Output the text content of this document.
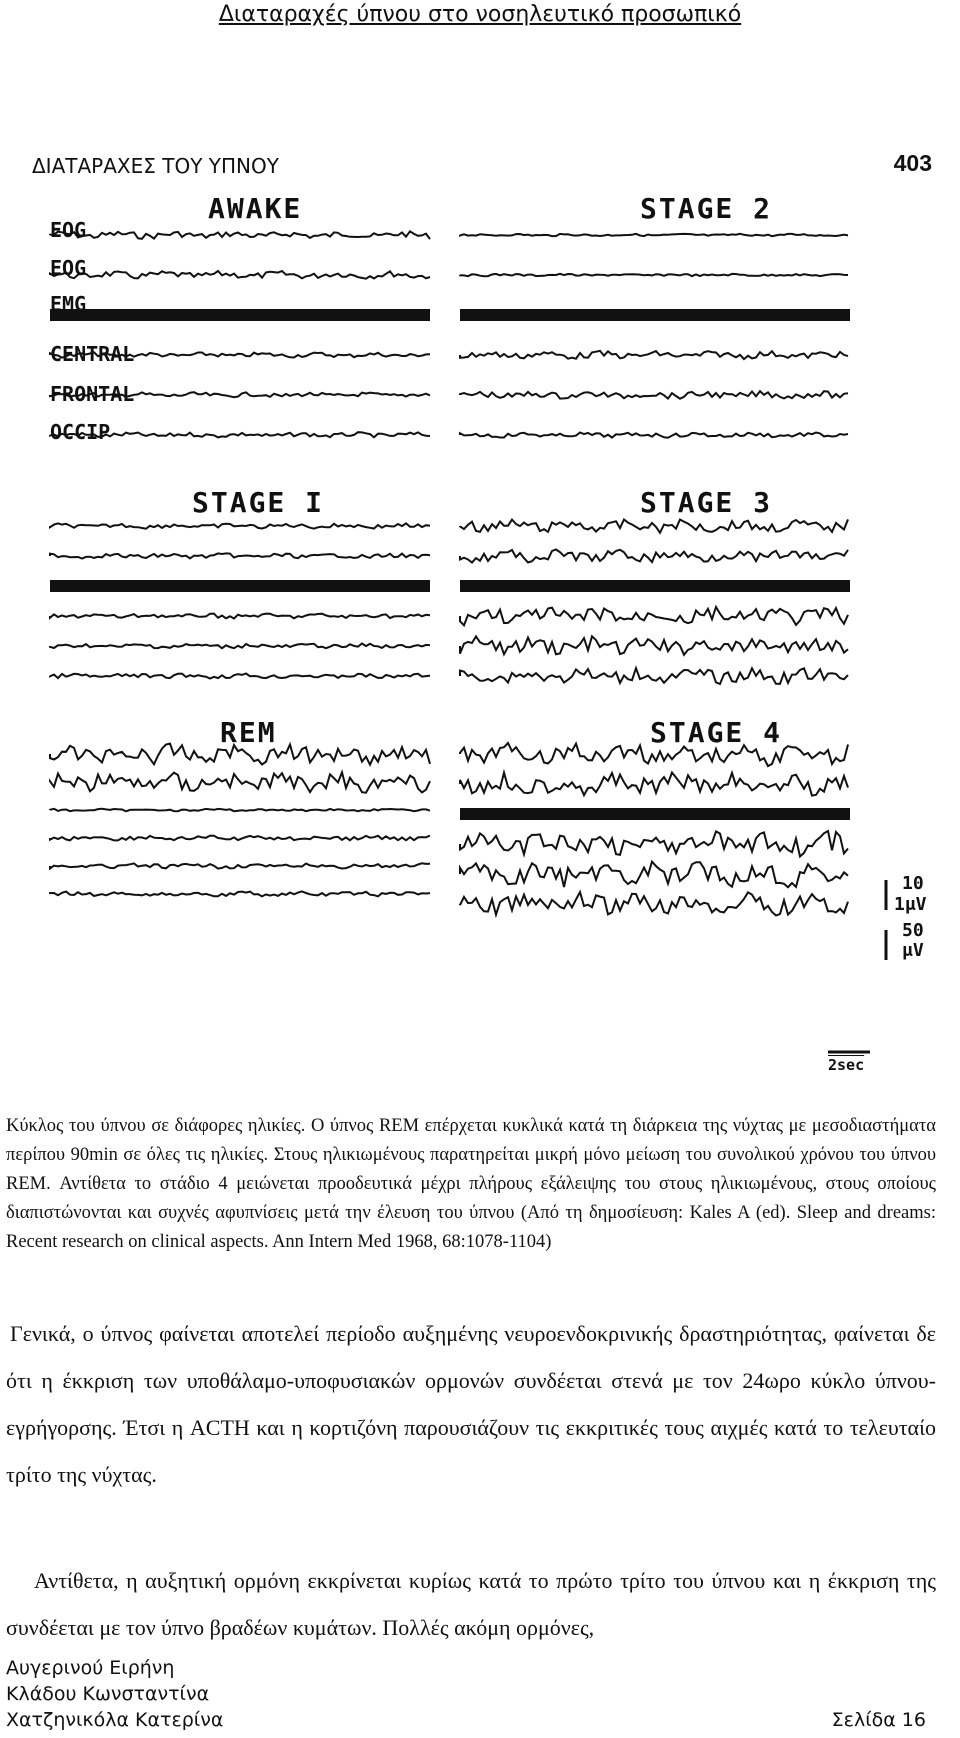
Διαταραχές ύπνου στο νοσηλευτικό προσωπικό
ΔΙΑΤΑΡΑΧΕΣ ΤΟΥ ΥΠΝΟΥ	403
AWAKE	STAGE 2
STAGE I	STAGE 3
REM	STAGE 4
EOG
EOG
EMG
CENTRAL
FRONTAL
OCCIP
10
1μV
50
μV
2sec
Κύκλος του ύπνου σε διάφορες ηλικίες. Ο ύπνος REM επέρχεται κυκλικά κατά τη διάρκεια της νύχτας με μεσοδιαστήματα περίπου 90min σε όλες τις ηλικίες. Στους ηλικιωμένους παρατηρείται μικρή μόνο μείωση του συνολικού χρόνου του ύπνου REM. Αντίθετα το στάδιο 4 μειώνεται προοδευτικά μέχρι πλήρους εξάλειψης του στους ηλικιωμένους, στους οποίους διαπιστώνονται και συχνές αφυπνίσεις μετά την έλευση του ύπνου (Από τη δημοσίευση: Kales A (ed). Sleep and dreams: Recent research on clinical aspects. Ann Intern Med 1968, 68:1078-1104)
Γενικά, ο ύπνος φαίνεται αποτελεί περίοδο αυξημένης νευροενδοκρινικής δραστηριότητας, φαίνεται δε ότι η έκκριση των υποθάλαμο-υποφυσιακών ορμονών συνδέεται στενά με τον 24ωρο κύκλο ύπνου-εγρήγορσης. Έτσι η ACTH και η κορτιζόνη παρουσιάζουν τις εκκριτικές τους αιχμές κατά το τελευταίο τρίτο της νύχτας.
Αντίθετα, η αυξητική ορμόνη εκκρίνεται κυρίως κατά το πρώτο τρίτο του ύπνου και η έκκριση της συνδέεται με τον ύπνο βραδέων κυμάτων. Πολλές ακόμη ορμόνες,
Αυγερινού Ειρήνη
Κλάδου Κωνσταντίνα
Χατζηνικόλα Κατερίνα	Σελίδα 16
